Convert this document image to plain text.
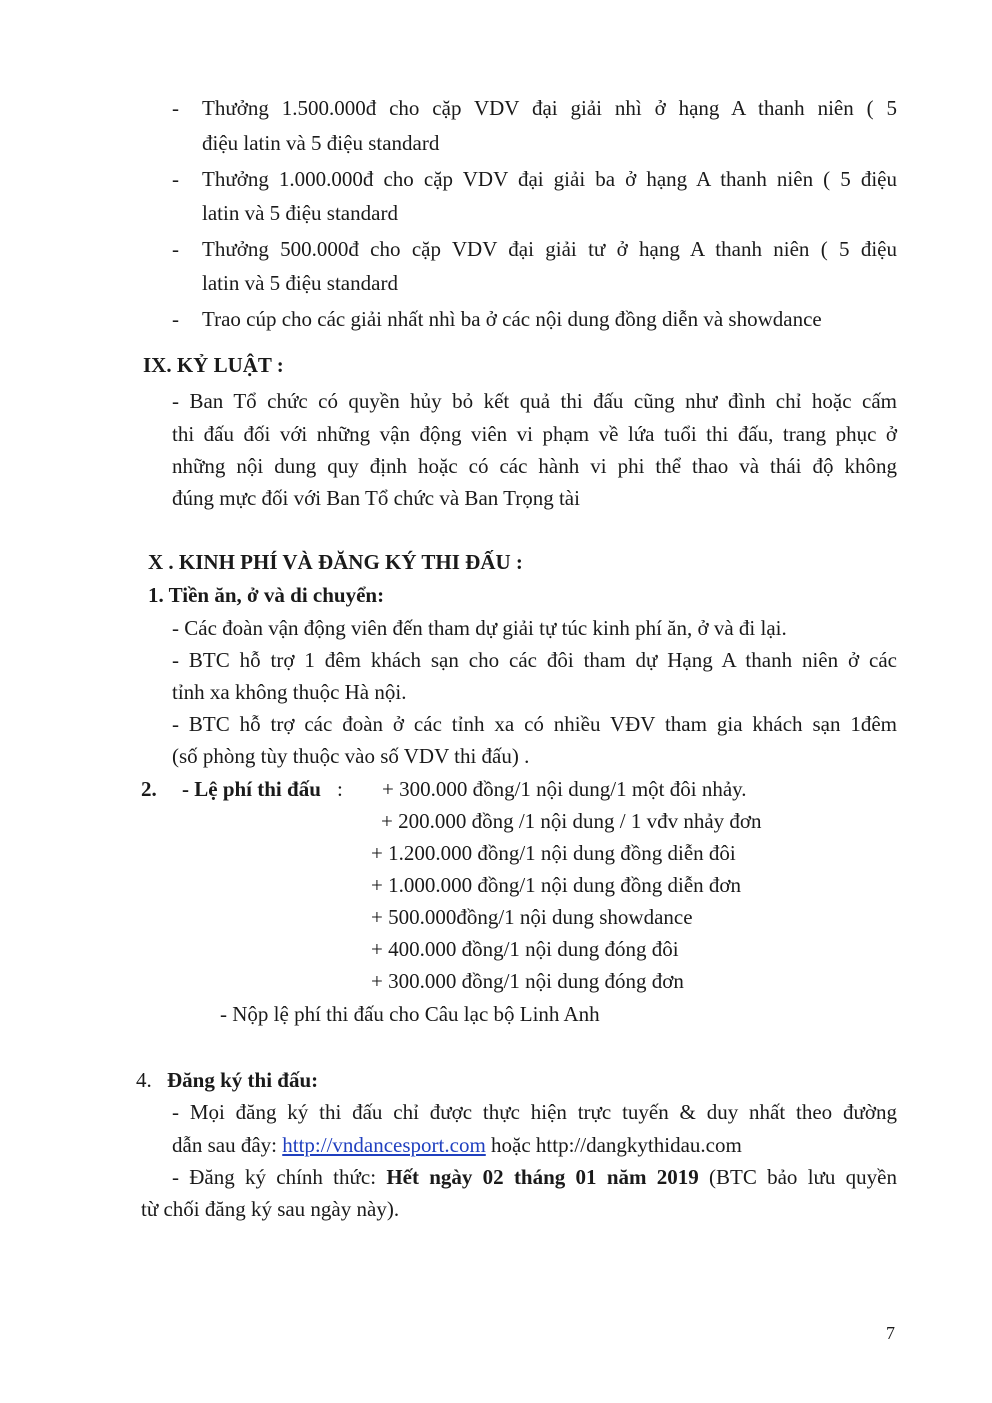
- Thưởng 1.500.000đ cho cặp VDV đại giải nhì ở hạng A thanh niên ( 5
điệu latin và 5 điệu standard
- Thưởng 1.000.000đ cho cặp VDV đại giải ba ở hạng A thanh niên ( 5 điệu
latin và 5 điệu standard
- Thưởng 500.000đ cho cặp VDV đại giải tư ở hạng A thanh niên ( 5 điệu
latin và 5 điệu standard
- Trao cúp cho các giải nhất nhì ba ở các nội dung đồng diễn và showdance
IX. KỶ LUẬT :
- Ban Tổ chức có quyền hủy bỏ kết quả thi đấu cũng như đình chỉ hoặc cấm
thi đấu đối với những vận động viên vi phạm về lứa tuổi thi đấu, trang phục ở
những nội dung quy định hoặc có các hành vi phi thể thao và thái độ không
đúng mực đối với Ban Tổ chức và Ban Trọng tài
X . KINH PHÍ VÀ ĐĂNG KÝ THI ĐẤU :
1. Tiền ăn, ở và di chuyển:
- Các đoàn vận động viên đến tham dự giải tự túc kinh phí ăn, ở và đi lại.
- BTC hỗ trợ 1 đêm khách sạn cho các đôi tham dự Hạng A thanh niên ở các
tỉnh xa không thuộc Hà nội.
- BTC hỗ trợ các đoàn ở các tỉnh xa có nhiều VĐV tham gia khách sạn 1đêm
(số phòng tùy thuộc vào số VDV thi đấu) .
2. - Lệ phí thi đấu : + 300.000 đồng/1 nội dung/1 một đôi nhảy.
+ 200.000 đồng /1 nội dung / 1 vđv nhảy đơn
+ 1.200.000 đồng/1 nội dung đồng diễn đôi
+ 1.000.000 đồng/1 nội dung đồng diễn đơn
+ 500.000đồng/1 nội dung showdance
+ 400.000 đồng/1 nội dung đóng đôi
+ 300.000 đồng/1 nội dung đóng đơn
- Nộp lệ phí thi đấu cho Câu lạc bộ Linh Anh
4. Đăng ký thi đấu:
- Mọi đăng ký thi đấu chỉ được thực hiện trực tuyến & duy nhất theo đường
dẫn sau đây: http://vndancesport.com hoặc http://dangkythidau.com
- Đăng ký chính thức: Hết ngày 02 tháng 01 năm 2019 (BTC bảo lưu quyền
từ chối đăng ký sau ngày này).
7
